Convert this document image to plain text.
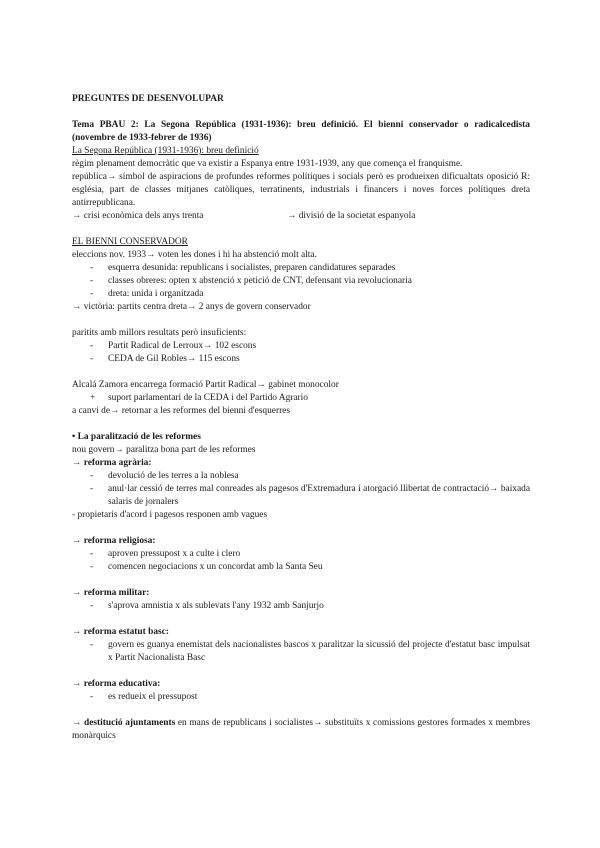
PREGUNTES DE DESENVOLUPAR

Tema PBAU 2: La Segona República (1931-1936): breu definició. El bienni conservador o radicalcedista (novembre de 1933-febrer de 1936)

La Segona República (1931-1936): breu definició

règim plenament democràtic que va existir a Espanya entre 1931-1939, any que comença el franquisme.

república→ símbol de aspiracions de profundes reformes polítiques i socials però es produeixen dificualtats oposició R: església, part de classes mitjanes catòliques, terratinents, industrials i financers i noves forces polítiques dreta antirrepublicana.

→ crisi econòmica dels anys trenta	→ divisió de la societat espanyola

EL BIENNI CONSERVADOR

eleccions nov. 1933→ voten les dones i hi ha abstenció molt alta.

- esquerra desunida: republicans i socialistes, preparen candidatures separades
- classes obreres: opten x abstenció x petició de CNT, defensant via revolucionaria
- dreta: unida i organitzada

→ victòria: partits centra dreta→ 2 anys de govern conservador

paritits amb millors resultats però insuficients:

- Partit Radical de Lerroux→ 102 escons
- CEDA de Gil Robles→ 115 escons

Alcalá Zamora encarrega formació Partit Radical→ gabinet monocolor

+ suport parlamentari de la CEDA i del Partido Agrario

a canvi de→ retornar a les reformes del bienni d'esquerres

• La paralització de les reformes

nou govern→ paralitza bona part de les reformes

→ reforma agrària:

- devolució de les terres a la noblesa
- anul·lar cessió de terres mal conreades als pagesos d'Extremadura i atorgació llibertat de contractació→ baixada salaris de jornalers

- propietaris d'acord i pagesos responen amb vagues

→ reforma religiosa:

- aproven pressupost x a culte i clero
- comencen negociacions x un concordat amb la Santa Seu

→ reforma militar:

- s'aprova amnistia x als sublevats l'any 1932 amb Sanjurjo

→ reforma estatut basc:

- govern es guanya enemistat dels nacionalistes bascos x paralitzar la sicussió del projecte d'estatut basc impulsat x Partit Nacionalista Basc

→ reforma educativa:

- es redueix el pressupost

→ destitució ajuntaments en mans de republicans i socialistes→ substituïts x comissions gestores formades x membres monàrquics
